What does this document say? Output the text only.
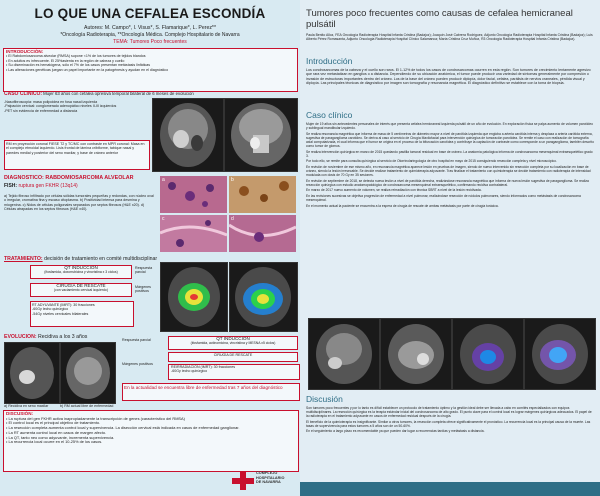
LO QUE UNA CEFALEA ESCONDÍA
Autores: M. Campo*, I. Visus*, S. Flamarique*, L. Perez**
*Oncología Radioterapia, **Oncología Médica. Complejo Hospitalario de Navarra
TEMA: Tumores Poco frecuentes
INTRODUCCIÓN:
• El Rabdomiosarcoma alveolar (RMSA) supone <1% de los tumores de tejidos blandos
• En adultos es infrecuente. El 25%asienta en la región de cabeza y cuello
• Su diseminación es hematógena, sólo el 7% de los casos presentan metástasis linfáticas
• Las alteraciones genéticas juegan un papel importante en la patogénesis y ayudan en el diagnóstico
CASO CLÍNICO: Mujer 63 años con cefalea opresiva temporal bilateral de 6 meses de evolución
-Nasofibroscopia: masa polipoidea en fosa nasal izquierda
-Palpación cervical: conglomerado adenopático niveles II-III izquierdos
-PET sin evidencia de enfermedad a distancia
RM en proyección coronal FIESE T2 y TC/MC con contraste en MPR coronal: Masa en el complejo etmoidal izquierdo. Lisis frontal de lámina cribiforme, tabique nasal y paredes medial y posterior del seno maxilar, y base de cráneo anterior
DIAGNÓSTICO: RABDOMIOSARCOMA ALVEOLAR
FISH: ruptura gen FKHR (13q14)
a) Tejido fibroso infiltrado por células sólidas tumorales pequeñas y redondas, con núcleo oval o irregular, cromatina fina y escaso citoplasma. b) Positividad intensa para desmina y miogenina. c) Nidos de células poligonales separados por septos fibrosos (H&E x20). d) Células atrapadas en los septos fibrosos (H&E x40).
a	b
c	d
TRATAMIENTO: decisión de tratamiento en comité multidisciplinar
QT INDUCCIÓN
(ifosfamida, doxorrubicina y vincristina x 3 ciclos)
Respuesta parcial
CIRUGÍA DE RESCATE
(con vaciamiento cervical izquierdo)
Márgenes positivos
RT ADYUVANTE (IMRT): 30 fracciones
-60Gy lecho quirúrgico
-54Gy niveles cervicales bilaterales
EVOLUCIÓN: Recidiva a los 3 años
a) Recidiva en seno maxilar	b) RM actual libre de enfermedad
QT INDUCCIÓN
(ifosfamida, actinomicina, vincristina y MESNA x5 ciclos)
Respuesta parcial
CIRUGÍA DE RESCATE
Márgenes positivos
REIRRADIACIÓN (IMRT): 30 fracciones
-60Gy lecho quirúrgico
En la actualidad se encuentra libre de enfermedad tras 7 años del diagnóstico
DISCUSIÓN:
• La ruptura del gen FKHR activa inapropiadamente la transcripción de genes (característico del RMSA)
• El control local es el principal objetivo de tratamiento.
• La resección completa aumenta control local y supervivencia. La disección cervical está indicada en casos de enfermedad ganglionar.
• La RT aumenta control local en casos de margen afecto.
• La QT, tanto neo como adyuvante, incrementa supervivencia.
• La recurrencia local ocurre en el 10-25% de los casos.
COMPLEJO
HOSPITALARIO
DE NAVARRA
Tumores poco frecuentes como causas de cefalea hemicraneal pulsátil
Paula Benito Alloz, FEA Oncología Radioterapia Hospital Infanta Cristina (Badajoz); Joaquín José Cabrera Rodríguez, Adjunto Oncología Radioterapia Hospital Infanta Cristina (Badajoz); Luis Alberto Pérez Romasanta, Adjunto Oncología Radioterapia Hospital Clínico Salamanca; María Cristina Cruz Muñoz, R3 Oncología Radioterapia Hospital Infanta Cristina (Badajoz).
Introducción
Los condrosarcomas de la cabeza y el cuello son raros. El 1-12% de todos los casos de condrosarcomas ocurren en esta región. Son tumores de crecimiento lentamente agresivo que rara vez metastatizan en ganglios o a distancia. Dependiendo de su ubicación anatómica, el tumor puede producir una variedad de síntomas generalmente por compresión o invasión de estructuras importantes dentro del cráneo. Los de la base del cráneo pueden producir diplopía, dolor facial, cefalea, parálisis de nervios craneales, pérdida visual y diplopía. Las principales técnicas de diagnóstico por imagen son tomografía y resonancia magnética. El diagnóstico definitivo se establece con la toma de biopsia.
Caso clínico

Mujer de 19 años sin antecedentes personales de interés que presenta cefalea hemicraneal izquierda pulsátil de un año de evolución. En exploración física se palpa aumento de volumen parotídeo y sublingual mandibular izquierdo.

Se realiza resonancia magnética que informa de masa de 5 centímetros de diámetro mayor a nivel de parótida izquierda que engloba a arteria carótida interna y desplaza a arteria carótida externa, sugestiva de paraganglioma carotídeo. Se deriva al caso al servicio de Cirugía Maxilofacial para intervención quirúrgica de tumoración parotídea. Se remite el caso con realización de tomografía axial computarizada, el cual informa que el tumor se origina en el proceso de la bifurcación carotídea y contribuye la captación de contraste como corresponde a un paraganglioma, también descrito como tumor de glomus.

Se realiza intervención quirúrgica en marzo de 2015 quedando pastilla tumoral residual en base de cráneo. La anatomía patológica informa de condrosarcoma mesenquimal extraesquelético grado 3.

Por todo ello, se remite para consulta quirúrgica al servicio de Otorrinolaringología de otro hospital en mayo de 2015 consiguiendo resección completa y nivel microscópico.

En revisión de noviembre de ese mismo año, en resonancia magnética aparece lesión en pruebas de imagen, siendo de nuevo intervenido sin resección completa por su localización en base de cráneo, siendo la lesión irresecable. Se decide realizar tratamiento de quimioterapia adyuvante. Tras finalizar el tratamiento con quimioterapia se decide tratamiento con radioterapia de intensidad modulada con dosis de 70 Gy en 35 sesiones.

En revisión de septiembre de 2018, se detecta nueva lesión a nivel de parótida derecha, realizándose resonancia magnética que informa de nueva lesión sugestiva de paraganglioma. Se realiza resección quirúrgica con estudio anatomopatológico de condrosarcoma mesenquimal extraesquelético, confirmando recidiva contralateral.

En marzo de 2017 nuevo aumento de volumen, se realiza reirradiación con técnica SBRT a nivel de la lesión recidivada.

En las revisiones sucesivas se objetiva progresión de enfermedad a nivel pulmonar, realizándose resección de nódulos pulmonares, siendo informados como metástasis de condrosarcoma mesenquimal.

En el momento actual la paciente se encuentra a la espera de cirugía de rescate de ambas metástasis por parte de cirugía torácica.

Discusión

Son tumores poco frecuentes y por lo tanto es difícil establecer un protocolo de tratamiento óptimo y la gestión ideal debe ser llevada a cabo en comités especializados con equipos multidisciplinares. La resección quirúrgica es la terapia estándar inicial del condrosarcoma de alto grado. El punto clave para el control local es lograr márgenes quirúrgicos adecuados. El papel de la radioterapia en el tratamiento adyuvante en casos de enfermedad residual después de la cirugía.

El beneficio de la quimioterapia es insignificante. Similar a otros tumores, la resección completa ofrece significativamente el pronóstico. La recurrencia local es la principal causa de la muerte. Las tasas de supervivencia para estos tumores a 5 años son de un 50-60%.

En el seguimiento a largo plazo es recomendable ya que pueden dar lugar a recurrencias tardías y metástasis a distancia.
